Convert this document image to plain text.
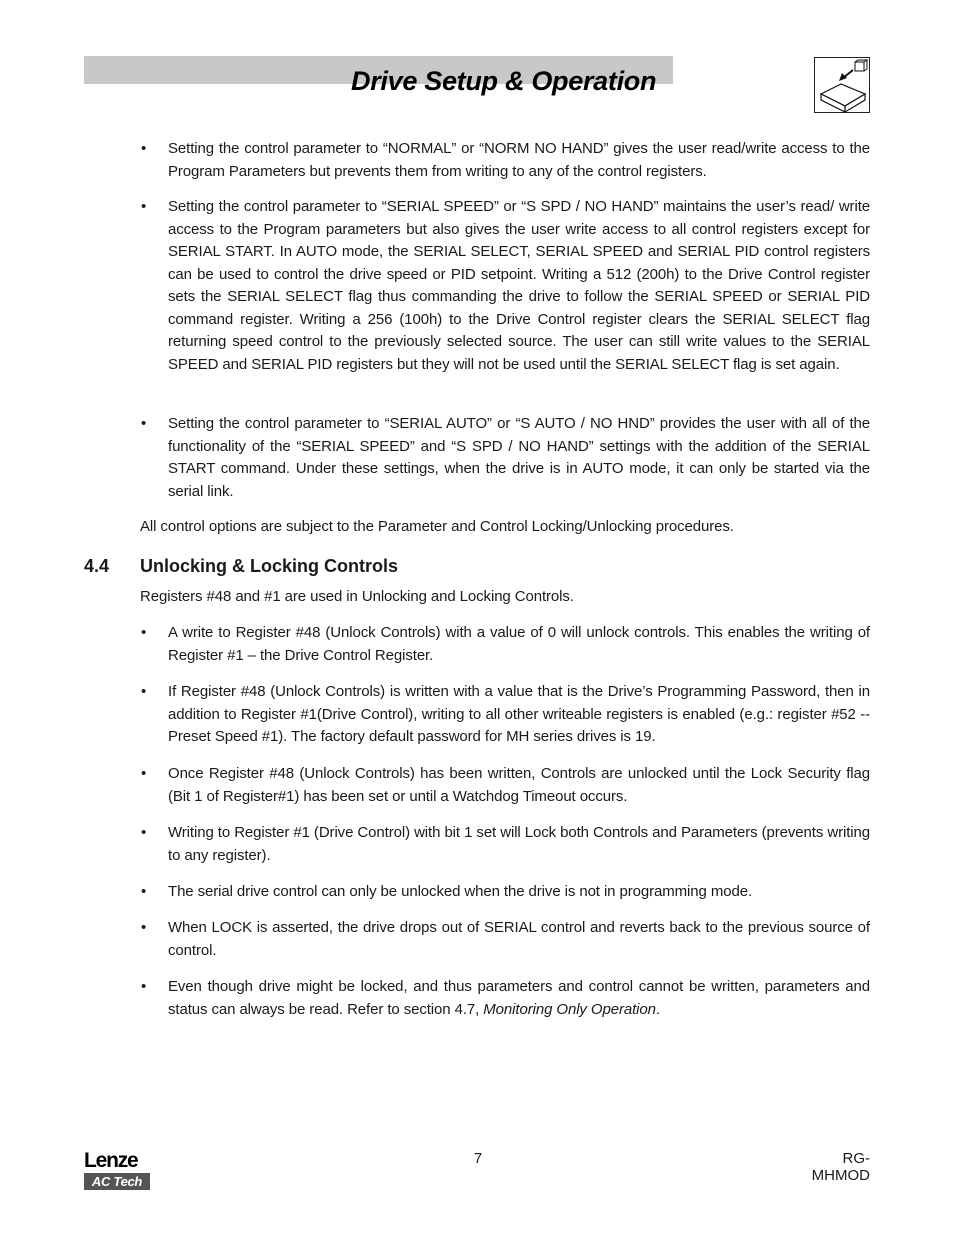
Drive Setup & Operation
•	Setting the control parameter to “NORMAL” or “NORM NO HAND” gives the user read/write access to the Program Parameters but prevents them from writing to any of the control registers.
•	Setting the control parameter to “SERIAL SPEED” or “S SPD / NO HAND” maintains the user’s read/ write access to the Program parameters but also gives the user write access to all control registers except for SERIAL START. In AUTO mode, the SERIAL SELECT, SERIAL SPEED and SERIAL PID control registers can be used to control the drive speed or PID setpoint. Writing a 512 (200h) to the Drive Control register sets the SERIAL SELECT flag thus commanding the drive to follow the SERIAL SPEED or SERIAL PID command register. Writing a 256 (100h) to the Drive Control register clears the SERIAL SELECT flag returning speed control to the previously selected source. The user can still write values to the SERIAL SPEED and SERIAL PID registers but they will not be used until the SERIAL SELECT flag is set again.
•	Setting the control parameter to “SERIAL AUTO” or “S AUTO / NO HND” provides the user with all of the functionality of the “SERIAL SPEED” and “S SPD / NO HAND” settings with the addition of the SERIAL START command. Under these settings, when the drive is in AUTO mode, it can only be started via the serial link.
All control options are subject to the Parameter and Control Locking/Unlocking procedures.
4.4 Unlocking & Locking Controls
Registers #48 and #1 are used in Unlocking and Locking Controls.
•	A write to Register #48 (Unlock Controls) with a value of 0 will unlock controls. This enables the writing of Register #1 – the Drive Control Register.
•	If Register #48 (Unlock Controls) is written with a value that is the Drive’s Programming Password, then in addition to Register #1(Drive Control), writing to all other writeable registers is enabled (e.g.: register #52 -- Preset Speed #1). The factory default password for MH series drives is 19.
•	Once Register #48 (Unlock Controls) has been written, Controls are unlocked until the Lock Security flag (Bit 1 of Register#1) has been set or until a Watchdog Timeout occurs.
•	Writing to Register #1 (Drive Control) with bit 1 set will Lock both Controls and Parameters (prevents writing to any register).
•	The serial drive control can only be unlocked when the drive is not in programming mode.
•	When LOCK is asserted, the drive drops out of SERIAL control and reverts back to the previous source of control.
•	Even though drive might be locked, and thus parameters and control cannot be written, parameters and status can always be read. Refer to section 4.7, Monitoring Only Operation.
Lenze
AC Tech
7	RG-MHMOD
